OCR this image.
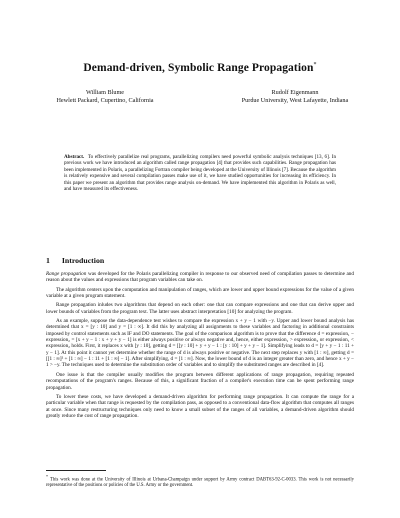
Demand-driven, Symbolic Range Propagation*
William Blume
Hewlett Packard, Cupertino, California
Rudolf Eigenmann
Purdue University, West Lafayette, Indiana
Abstract. To effectively parallelize real programs, parallelizing compilers need powerful symbolic analysis techniques [13, 6]. In previous work we have introduced an algorithm called range propagation [4] that provides such capabilities. Range propagation has been implemented in Polaris, a parallelizing Fortran compiler being developed at the University of Illinois [7]. Because the algorithm is relatively expensive and several compilation passes make use of it, we have studied opportunities for increasing its efficiency. In this paper we present an algorithm that provides range analysis on-demand. We have implemented this algorithm in Polaris as well, and have measured its effectiveness.
1 Introduction

Range propagation was developed for the Polaris parallelizing compiler in response to our observed need of compilation passes to determine and reason about the values and expressions that program variables can take on.

The algorithm centers upon the computation and manipulation of ranges, which are lower and upper bound expressions for the value of a given variable at a given program statement.

Range propagation inludes two algorithms that depend on each other: one that can compare expressions and one that can derive upper and lower bounds of variables from the program text. The latter uses abstract interpretation [10] for analyzing the program.

As an example, suppose the data-dependence test wishes to compare the expression x + y − 1 with −y. Upper and lower bound analysis has determined that x = [y : 10] and y = [1 : ∞]. It did this by analyzing all assignments to these variables and factoring in additional constraints imposed by control statements such as IF and DO statements. The goal of the comparison algorithm is to prove that the difference d = expression₁ − expression₂ = [x + y − 1 : x + y + y − 1] is either always positive or always negative and, hence, either expression₁ > expression₂ or expression₁ < expression₂ holds. First, it replaces x with [y : 10], getting d = [[y : 10] + y + y − 1 : [y : 10] + y + y − 1]. Simplifying leads to d = [y + y − 1 : 11 + y − 1]. At this point it cannot yet determine whether the range of d is always positive or negative. The next step replaces y with [1 : ∞], getting d = [[1 : ∞]² + [1 : ∞] − 1 : 11 + [1 : ∞] − 1]. After simplifying, d = [1 : ∞]. Now, the lower bound of d is an integer greater than zero, and hence x + y − 1 > −y. The techniques used to determine the substitution order of variables and to simplify the substituted ranges are described in [4].

One issue is that the compiler usually modifies the program between different applications of range propagation, requiring repeated recomputations of the program's ranges. Because of this, a significant fraction of a compiler's execution time can be spent performing range propagation.

To lower these costs, we have developed a demand-driven algorithm for performing range propagation. It can compute the range for a particular variable when that range is requested by the compilation pass, as opposed to a conventional data-flow algorithm that computes all ranges at once. Since many restructuring techniques only need to know a small subset of the ranges of all variables, a demand-driven algorithm should greatly reduce the cost of range propagation.

*This work was done at the University of Illinois at Urbana-Champaign under support by Army contract DABT63-92-C-0033. This work is not necessarily representative of the positions or policies of the U.S. Army or the government.
